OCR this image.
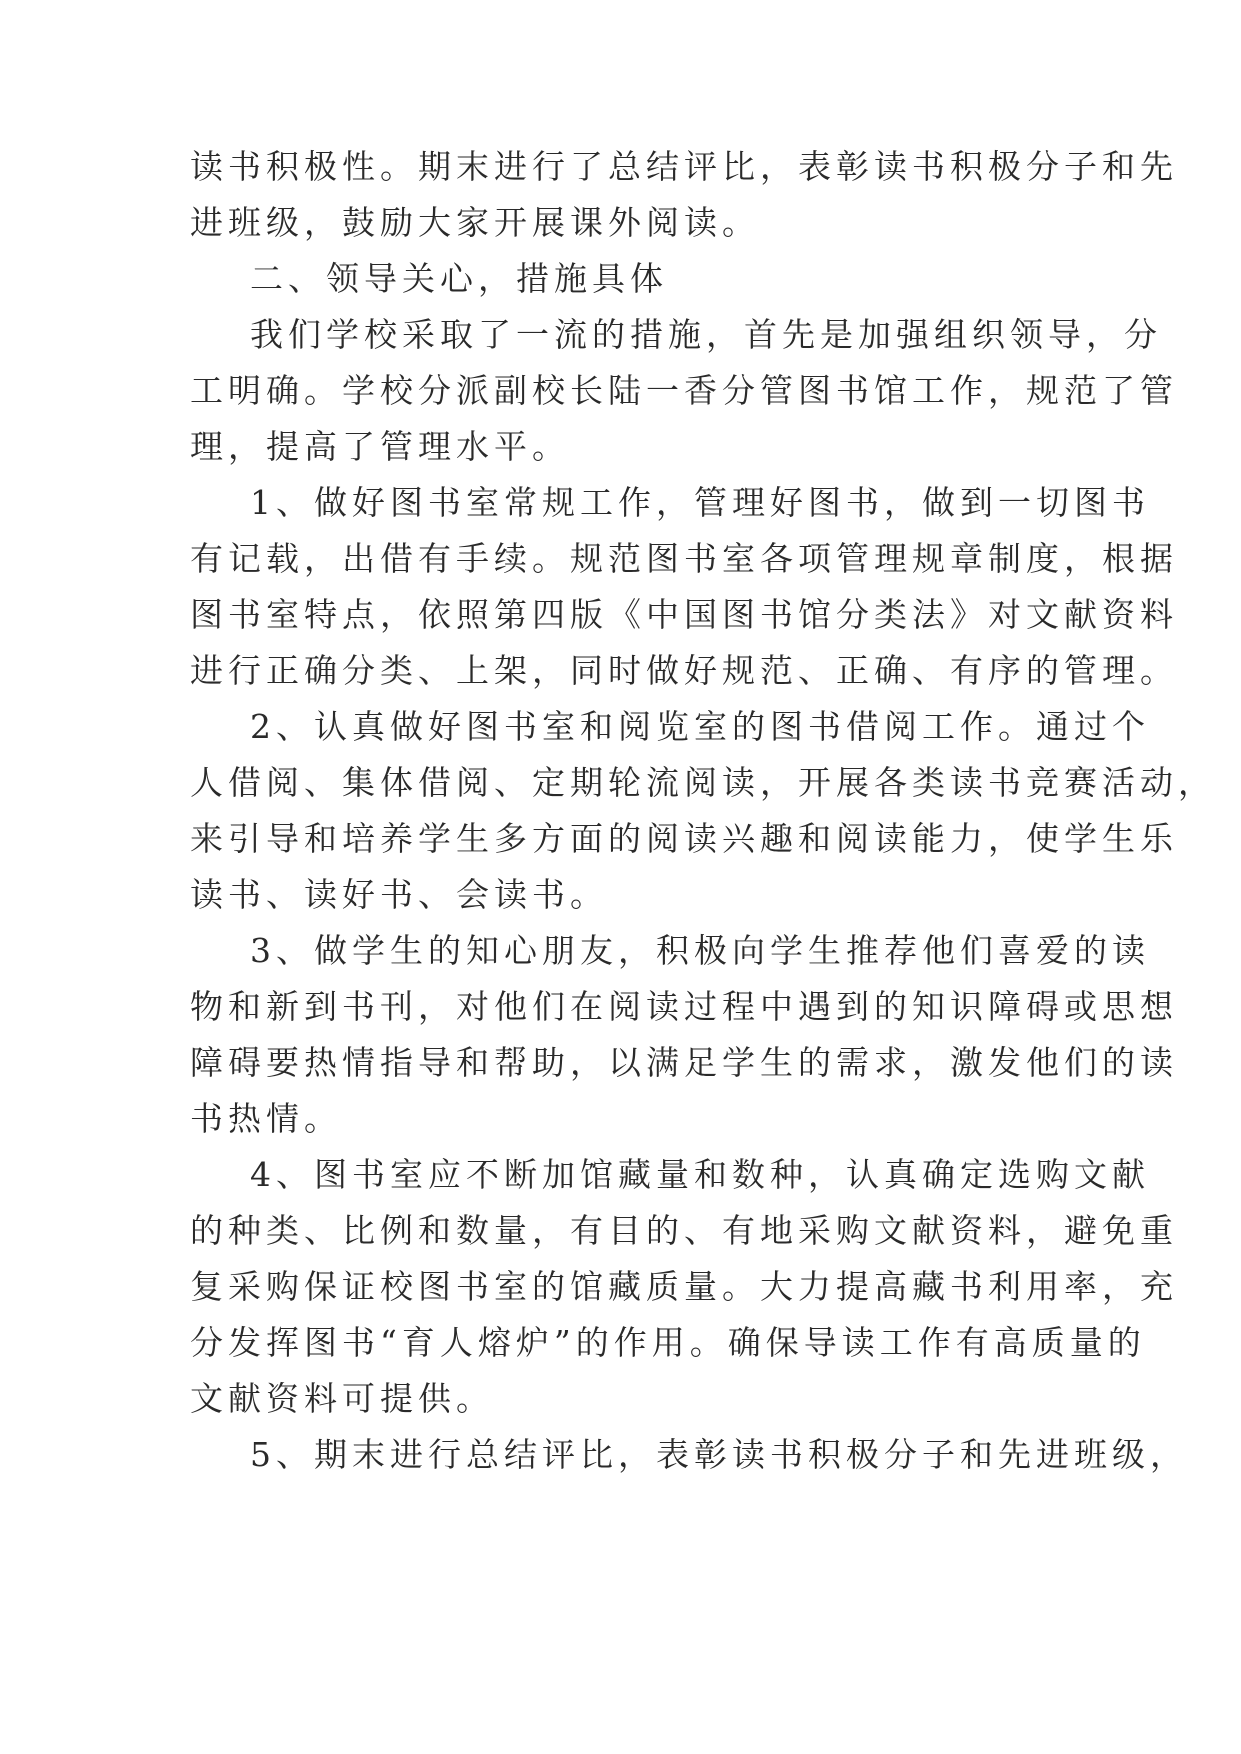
读书积极性。期末进行了总结评比，表彰读书积极分子和先

进班级，鼓励大家开展课外阅读。

二、领导关心，措施具体

我们学校采取了一流的措施，首先是加强组织领导，分

工明确。学校分派副校长陆一香分管图书馆工作，规范了管

理，提高了管理水平。

1、做好图书室常规工作，管理好图书，做到一切图书

有记载，出借有手续。规范图书室各项管理规章制度，根据

图书室特点，依照第四版《中国图书馆分类法》对文献资料

进行正确分类、上架，同时做好规范、正确、有序的管理。

2、认真做好图书室和阅览室的图书借阅工作。通过个

人借阅、集体借阅、定期轮流阅读，开展各类读书竞赛活动，

来引导和培养学生多方面的阅读兴趣和阅读能力，使学生乐

读书、读好书、会读书。

3、做学生的知心朋友，积极向学生推荐他们喜爱的读

物和新到书刊，对他们在阅读过程中遇到的知识障碍或思想

障碍要热情指导和帮助，以满足学生的需求，激发他们的读

书热情。

4、图书室应不断加馆藏量和数种，认真确定选购文献

的种类、比例和数量，有目的、有地采购文献资料，避免重

复采购保证校图书室的馆藏质量。大力提高藏书利用率，充

分发挥图书“育人熔炉”的作用。确保导读工作有高质量的

文献资料可提供。

5、期末进行总结评比，表彰读书积极分子和先进班级，
